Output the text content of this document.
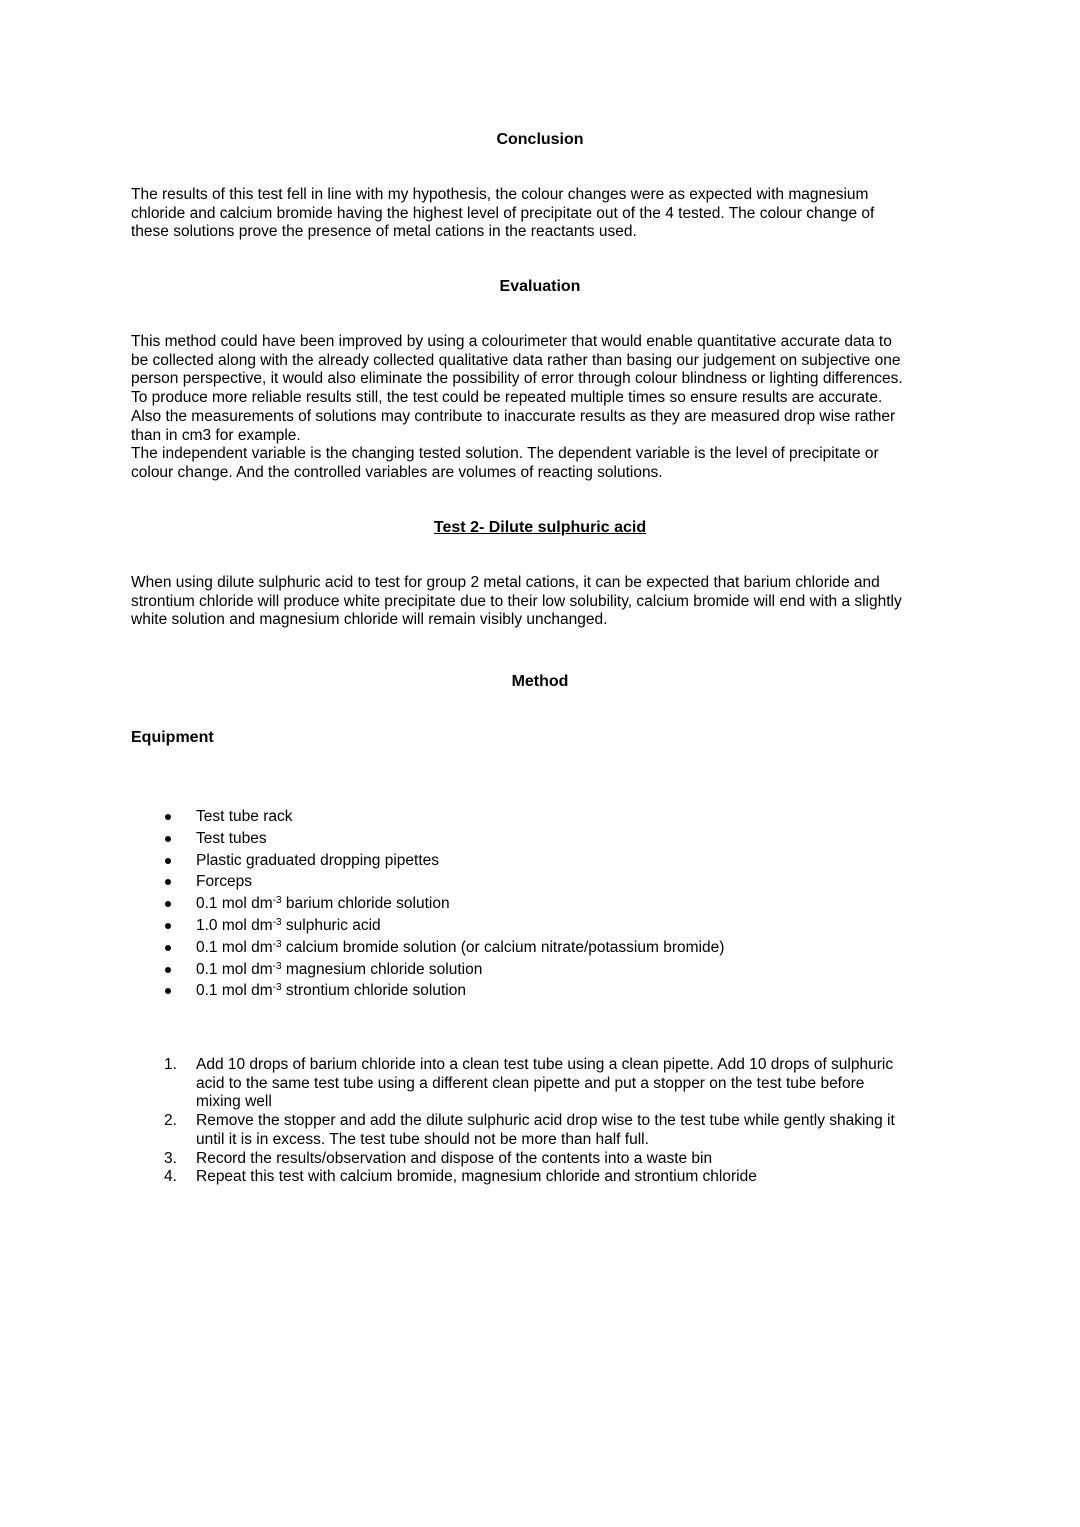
Conclusion

The results of this test fell in line with my hypothesis, the colour changes were as expected with magnesium
chloride and calcium bromide having the highest level of precipitate out of the 4 tested. The colour change of
these solutions prove the presence of metal cations in the reactants used.

Evaluation

This method could have been improved by using a colourimeter that would enable quantitative accurate data to
be collected along with the already collected qualitative data rather than basing our judgement on subjective one
person perspective, it would also eliminate the possibility of error through colour blindness or lighting differences.
To produce more reliable results still, the test could be repeated multiple times so ensure results are accurate.
Also the measurements of solutions may contribute to inaccurate results as they are measured drop wise rather
than in cm3 for example.
The independent variable is the changing tested solution. The dependent variable is the level of precipitate or
colour change. And the controlled variables are volumes of reacting solutions.

Test 2- Dilute sulphuric acid

When using dilute sulphuric acid to test for group 2 metal cations, it can be expected that barium chloride and
strontium chloride will produce white precipitate due to their low solubility, calcium bromide will end with a slightly
white solution and magnesium chloride will remain visibly unchanged.

Method
Equipment
Test tube rack
Test tubes
Plastic graduated dropping pipettes
Forceps
0.1 mol $dm^{-3}$ barium chloride solution
1.0 mol $dm^{-3}$ sulphuric acid
0.1 mol $dm^{-3}$ calcium bromide solution (or calcium nitrate/potassium bromide)
0.1 mol $dm^{-3}$ magnesium chloride solution
0.1 mol $dm^{-3}$ strontium chloride solution
1. Add 10 drops of barium chloride into a clean test tube using a clean pipette. Add 10 drops of sulphuric
acid to the same test tube using a different clean pipette and put a stopper on the test tube before
mixing well
2. Remove the stopper and add the dilute sulphuric acid drop wise to the test tube while gently shaking it
until it is in excess. The test tube should not be more than half full.
3. Record the results/observation and dispose of the contents into a waste bin
4. Repeat this test with calcium bromide, magnesium chloride and strontium chloride
